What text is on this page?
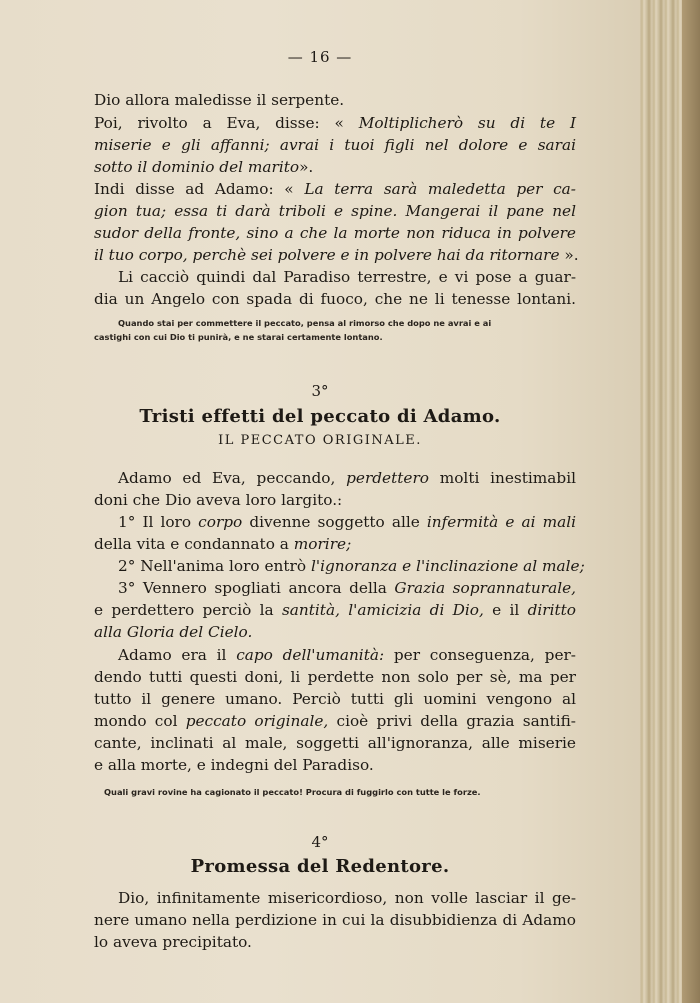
— 16 —
Dio allora maledisse il serpente.
Poi, rivolto a Eva, disse: « Moltiplicherò su di te I
miserie e gli affanni; avrai i tuoi figli nel dolore e sarai
sotto il dominio del marito».
Indi disse ad Adamo: « La terra sarà maledetta per ca-
gion tua; essa ti darà triboli e spine. Mangerai il pane nel
sudor della fronte, sino a che la morte non riduca in polvere
il tuo corpo, perchè sei polvere e in polvere hai da ritornare ».
Li cacciò quindi dal Paradiso terrestre, e vi pose a guar-
dia un Angelo con spada di fuoco, che ne li tenesse lontani.
Quando stai per commettere il peccato, pensa al rimorso che dopo ne avrai e ai
castighi con cui Dio ti punirà, e ne starai certamente lontano.
3°
Tristi effetti del peccato di Adamo.
IL PECCATO ORIGINALE.
Adamo ed Eva, peccando, perdettero molti inestimabil
doni che Dio aveva loro largito.:
1° Il loro corpo divenne soggetto alle infermità e ai mali
della vita e condannato a morire;
2° Nell'anima loro entrò l'ignoranza e l'inclinazione al male;
3° Vennero spogliati ancora della Grazia soprannaturale,
e perdettero perciò la santità, l'amicizia di Dio, e il diritto
alla Gloria del Cielo.
Adamo era il capo dell'umanità: per conseguenza, per-
dendo tutti questi doni, li perdette non solo per sè, ma per
tutto il genere umano. Perciò tutti gli uomini vengono al
mondo col peccato originale, cioè privi della grazia santifi-
cante, inclinati al male, soggetti all'ignoranza, alle miserie
e alla morte, e indegni del Paradiso.
Quali gravi rovine ha cagionato il peccato! Procura di fuggirlo con tutte le forze.
4°
Promessa del Redentore.
Dio, infinitamente misericordioso, non volle lasciar il ge-
nere umano nella perdizione in cui la disubbidienza di Adamo
lo aveva precipitato.
